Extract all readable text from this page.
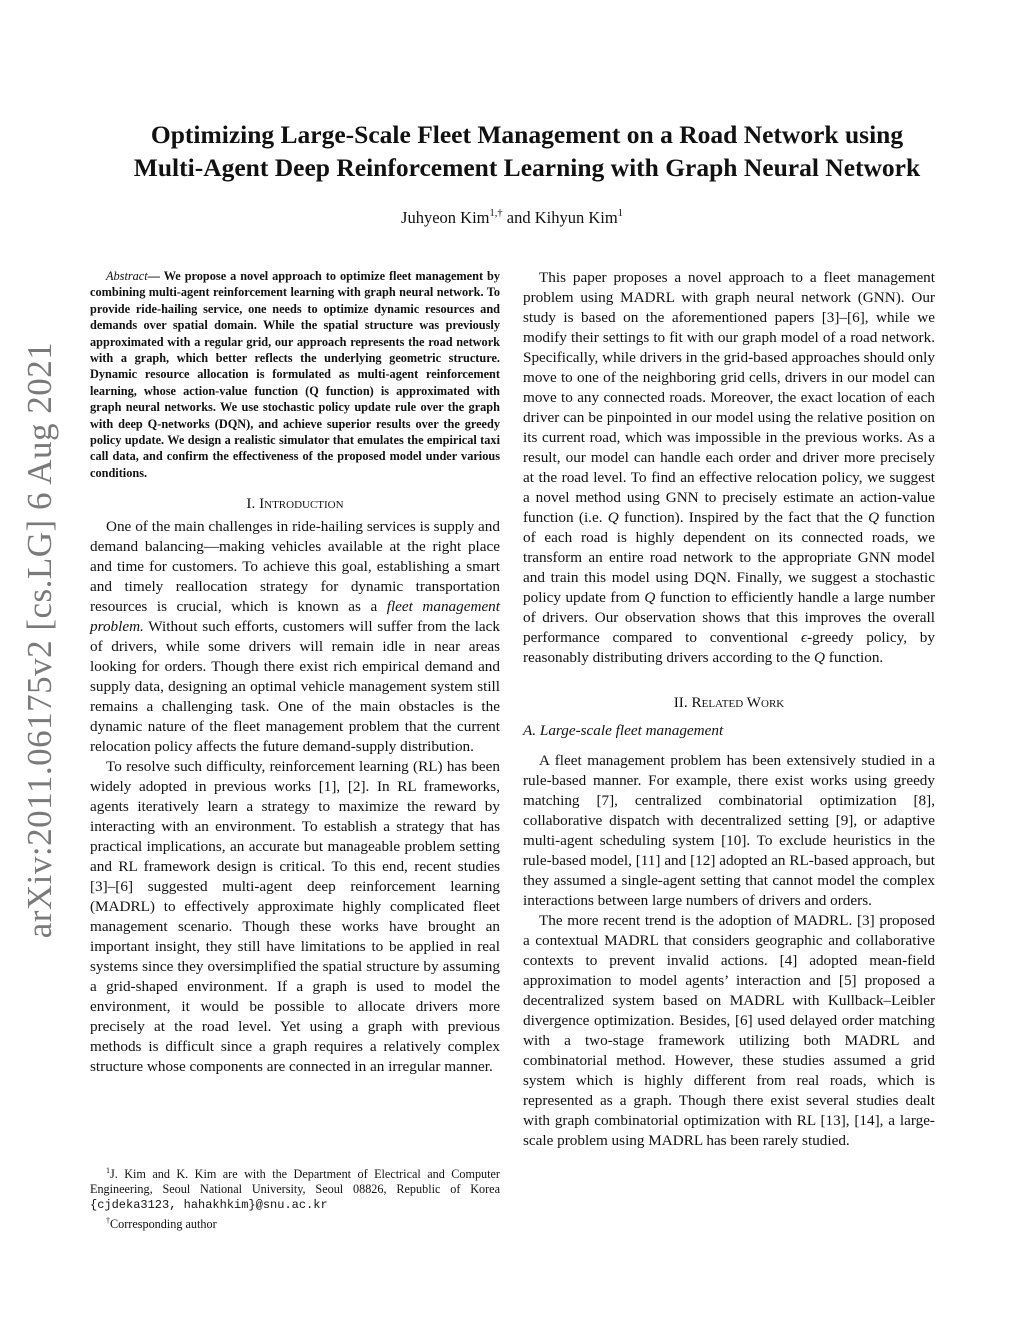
arXiv:2011.06175v2 [cs.LG] 6 Aug 2021
Optimizing Large-Scale Fleet Management on a Road Network using
Multi-Agent Deep Reinforcement Learning with Graph Neural Network
Juhyeon Kim$^{1,\dagger}$ and Kihyun Kim$^1$

Abstract— We propose a novel approach to optimize fleet management by combining multi-agent reinforcement learning with graph neural network. To provide ride-hailing service, one needs to optimize dynamic resources and demands over spatial domain. While the spatial structure was previously approximated with a regular grid, our approach represents the road network with a graph, which better reflects the underlying geometric structure. Dynamic resource allocation is formulated as multi-agent reinforcement learning, whose action-value function (Q function) is approximated with graph neural networks. We use stochastic policy update rule over the graph with deep Q-networks (DQN), and achieve superior results over the greedy policy update. We design a realistic simulator that emulates the empirical taxi call data, and confirm the effectiveness of the proposed model under various conditions.

I. Introduction

One of the main challenges in ride-hailing services is supply and demand balancing—making vehicles available at the right place and time for customers. To achieve this goal, establishing a smart and timely reallocation strategy for dynamic transportation resources is crucial, which is known as a fleet management problem. Without such efforts, customers will suffer from the lack of drivers, while some drivers will remain idle in near areas looking for orders. Though there exist rich empirical demand and supply data, designing an optimal vehicle management system still remains a challenging task. One of the main obstacles is the dynamic nature of the fleet management problem that the current relocation policy affects the future demand-supply distribution.

To resolve such difficulty, reinforcement learning (RL) has been widely adopted in previous works [1], [2]. In RL frameworks, agents iteratively learn a strategy to maximize the reward by interacting with an environment. To establish a strategy that has practical implications, an accurate but manageable problem setting and RL framework design is critical. To this end, recent studies [3]–[6] suggested multi-agent deep reinforcement learning (MADRL) to effectively approximate highly complicated fleet management scenario. Though these works have brought an important insight, they still have limitations to be applied in real systems since they oversimplified the spatial structure by assuming a grid-shaped environment. If a graph is used to model the environment, it would be possible to allocate drivers more precisely at the road level. Yet using a graph with previous methods is difficult since a graph requires a relatively complex structure whose components are connected in an irregular manner.

$^1$J. Kim and K. Kim are with the Department of Electrical and Computer Engineering, Seoul National University, Seoul 08826, Republic of Korea {cjdeka3123, hahakhkim}@snu.ac.kr

†Corresponding author

This paper proposes a novel approach to a fleet management problem using MADRL with graph neural network (GNN). Our study is based on the aforementioned papers [3]–[6], while we modify their settings to fit with our graph model of a road network. Specifically, while drivers in the grid-based approaches should only move to one of the neighboring grid cells, drivers in our model can move to any connected roads. Moreover, the exact location of each driver can be pinpointed in our model using the relative position on its current road, which was impossible in the previous works. As a result, our model can handle each order and driver more precisely at the road level. To find an effective relocation policy, we suggest a novel method using GNN to precisely estimate an action-value function (i.e. Q function). Inspired by the fact that the Q function of each road is highly dependent on its connected roads, we transform an entire road network to the appropriate GNN model and train this model using DQN. Finally, we suggest a stochastic policy update from Q function to efficiently handle a large number of drivers. Our observation shows that this improves the overall performance compared to conventional ϵ-greedy policy, by reasonably distributing drivers according to the Q function.

II. Related Work
A. Large-scale fleet management

A fleet management problem has been extensively studied in a rule-based manner. For example, there exist works using greedy matching [7], centralized combinatorial optimization [8], collaborative dispatch with decentralized setting [9], or adaptive multi-agent scheduling system [10]. To exclude heuristics in the rule-based model, [11] and [12] adopted an RL-based approach, but they assumed a single-agent setting that cannot model the complex interactions between large numbers of drivers and orders.

The more recent trend is the adoption of MADRL. [3] proposed a contextual MADRL that considers geographic and collaborative contexts to prevent invalid actions. [4] adopted mean-field approximation to model agents’ interaction and [5] proposed a decentralized system based on MADRL with Kullback–Leibler divergence optimization. Besides, [6] used delayed order matching with a two-stage framework utilizing both MADRL and combinatorial method. However, these studies assumed a grid system which is highly different from real roads, which is represented as a graph. Though there exist several studies dealt with graph combinatorial optimization with RL [13], [14], a large-scale problem using MADRL has been rarely studied.
